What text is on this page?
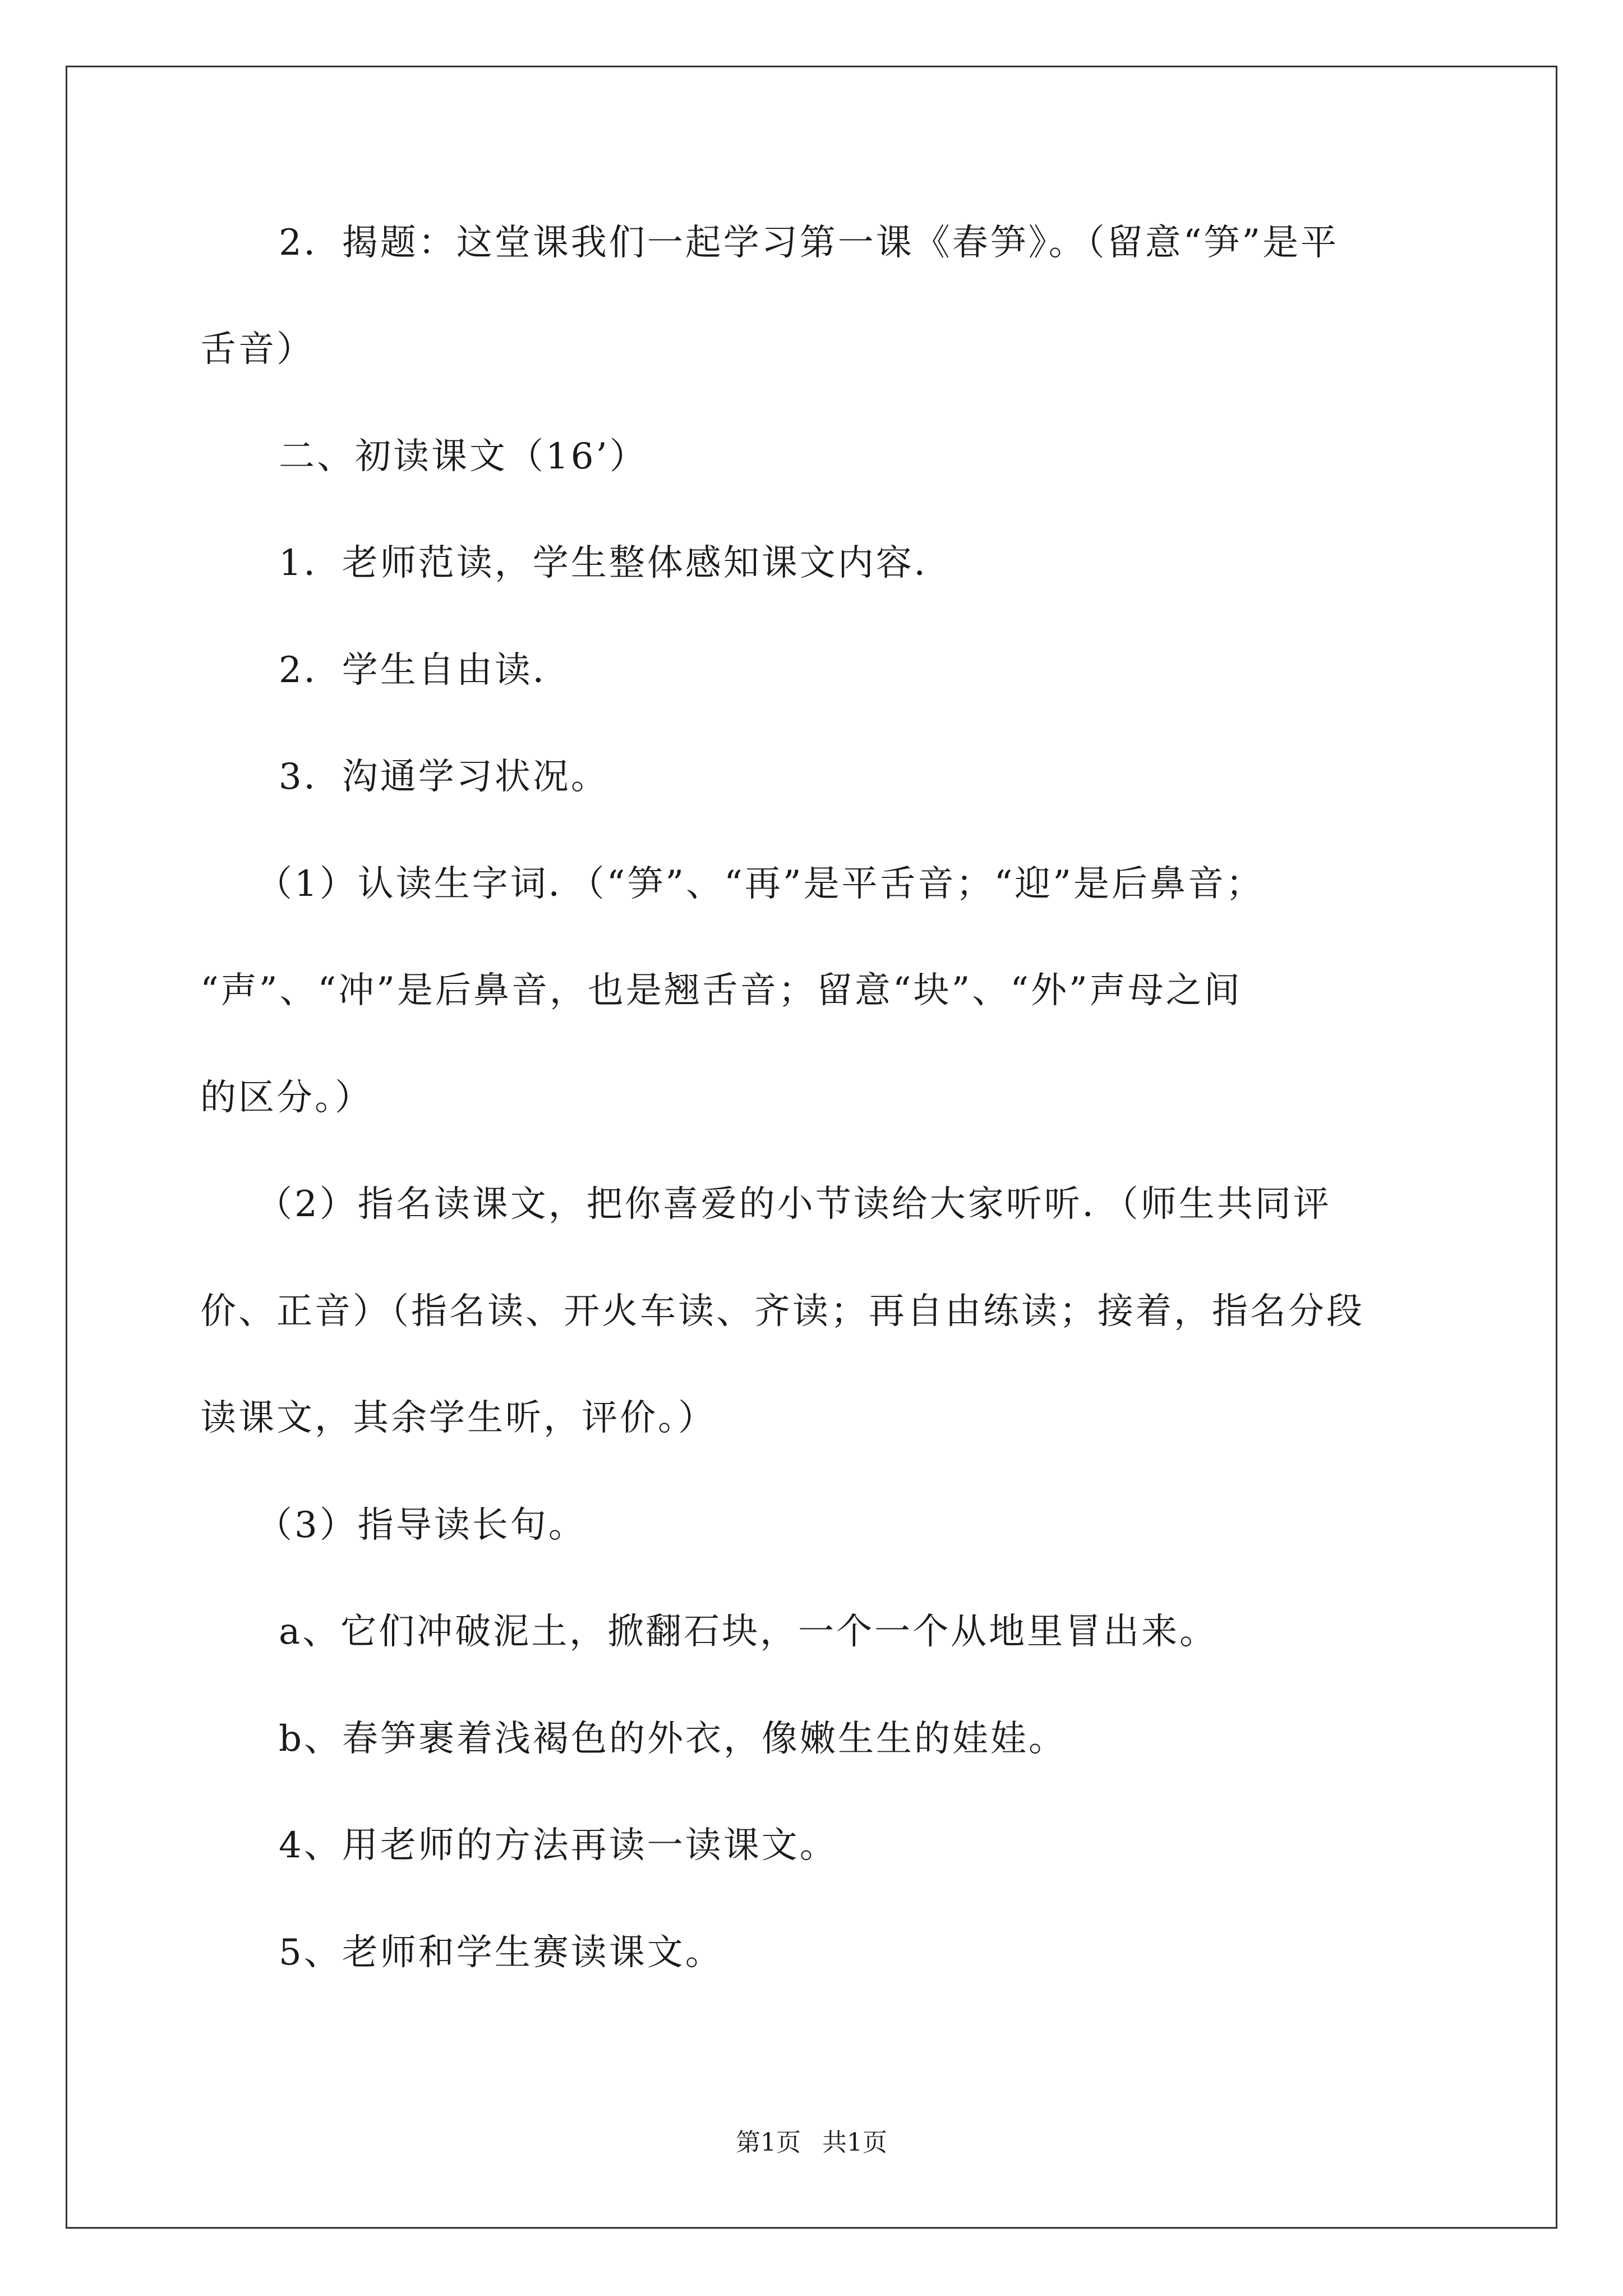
2．揭题：这堂课我们一起学习第一课《春笋》。（留意“笋”是平
舌音）
二、初读课文（16’）
1．老师范读，学生整体感知课文内容．
2．学生自由读．
3．沟通学习状况。
（1）认读生字词．（“笋”、“再”是平舌音；“迎”是后鼻音；
“声”、“冲”是后鼻音，也是翘舌音；留意“块”、“外”声母之间
的区分。）
（2）指名读课文，把你喜爱的小节读给大家听听．（师生共同评
价、正音）（指名读、开火车读、齐读；再自由练读；接着，指名分段
读课文，其余学生听，评价。）
（3）指导读长句。
a、它们冲破泥土，掀翻石块，一个一个从地里冒出来。
b、春笋裹着浅褐色的外衣，像嫩生生的娃娃。
4、用老师的方法再读一读课文。
5、老师和学生赛读课文。
第1页 共1页
